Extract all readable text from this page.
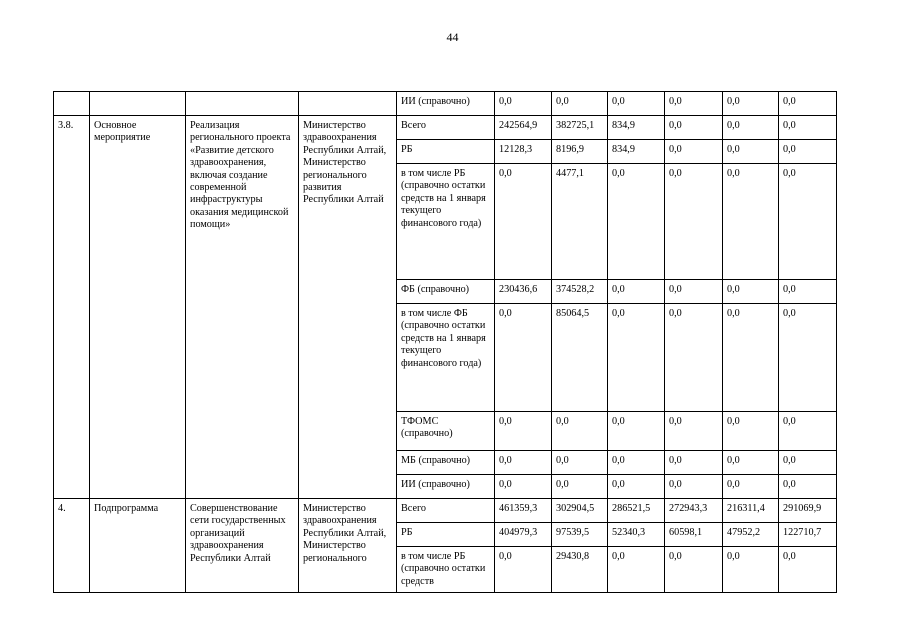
44
				ИИ (справочно)	0,0	0,0	0,0	0,0	0,0	0,0
3.8.	Основное мероприятие	Реализация регионального проекта «Развитие детского здравоохранения, включая создание современной инфраструктуры оказания медицинской помощи»	Министерство здравоохранения Республики Алтай, Министерство регионального развития Республики Алтай	Всего	242564,9	382725,1	834,9	0,0	0,0	0,0
				РБ	12128,3	8196,9	834,9	0,0	0,0	0,0
				в том числе РБ (справочно остатки средств на 1 января текущего финансового года)	0,0	4477,1	0,0	0,0	0,0	0,0
				ФБ (справочно)	230436,6	374528,2	0,0	0,0	0,0	0,0
				в том числе ФБ (справочно остатки средств на 1 января текущего финансового года)	0,0	85064,5	0,0	0,0	0,0	0,0
				ТФОМС (справочно)	0,0	0,0	0,0	0,0	0,0	0,0
				МБ (справочно)	0,0	0,0	0,0	0,0	0,0	0,0
				ИИ (справочно)	0,0	0,0	0,0	0,0	0,0	0,0
4.	Подпрограмма	Совершенствование сети государственных организаций здравоохранения Республики Алтай	Министерство здравоохранения Республики Алтай, Министерство регионального	Всего	461359,3	302904,5	286521,5	272943,3	216311,4	291069,9
				РБ	404979,3	97539,5	52340,3	60598,1	47952,2	122710,7
				в том числе РБ (справочно остатки средств	0,0	29430,8	0,0	0,0	0,0	0,0
